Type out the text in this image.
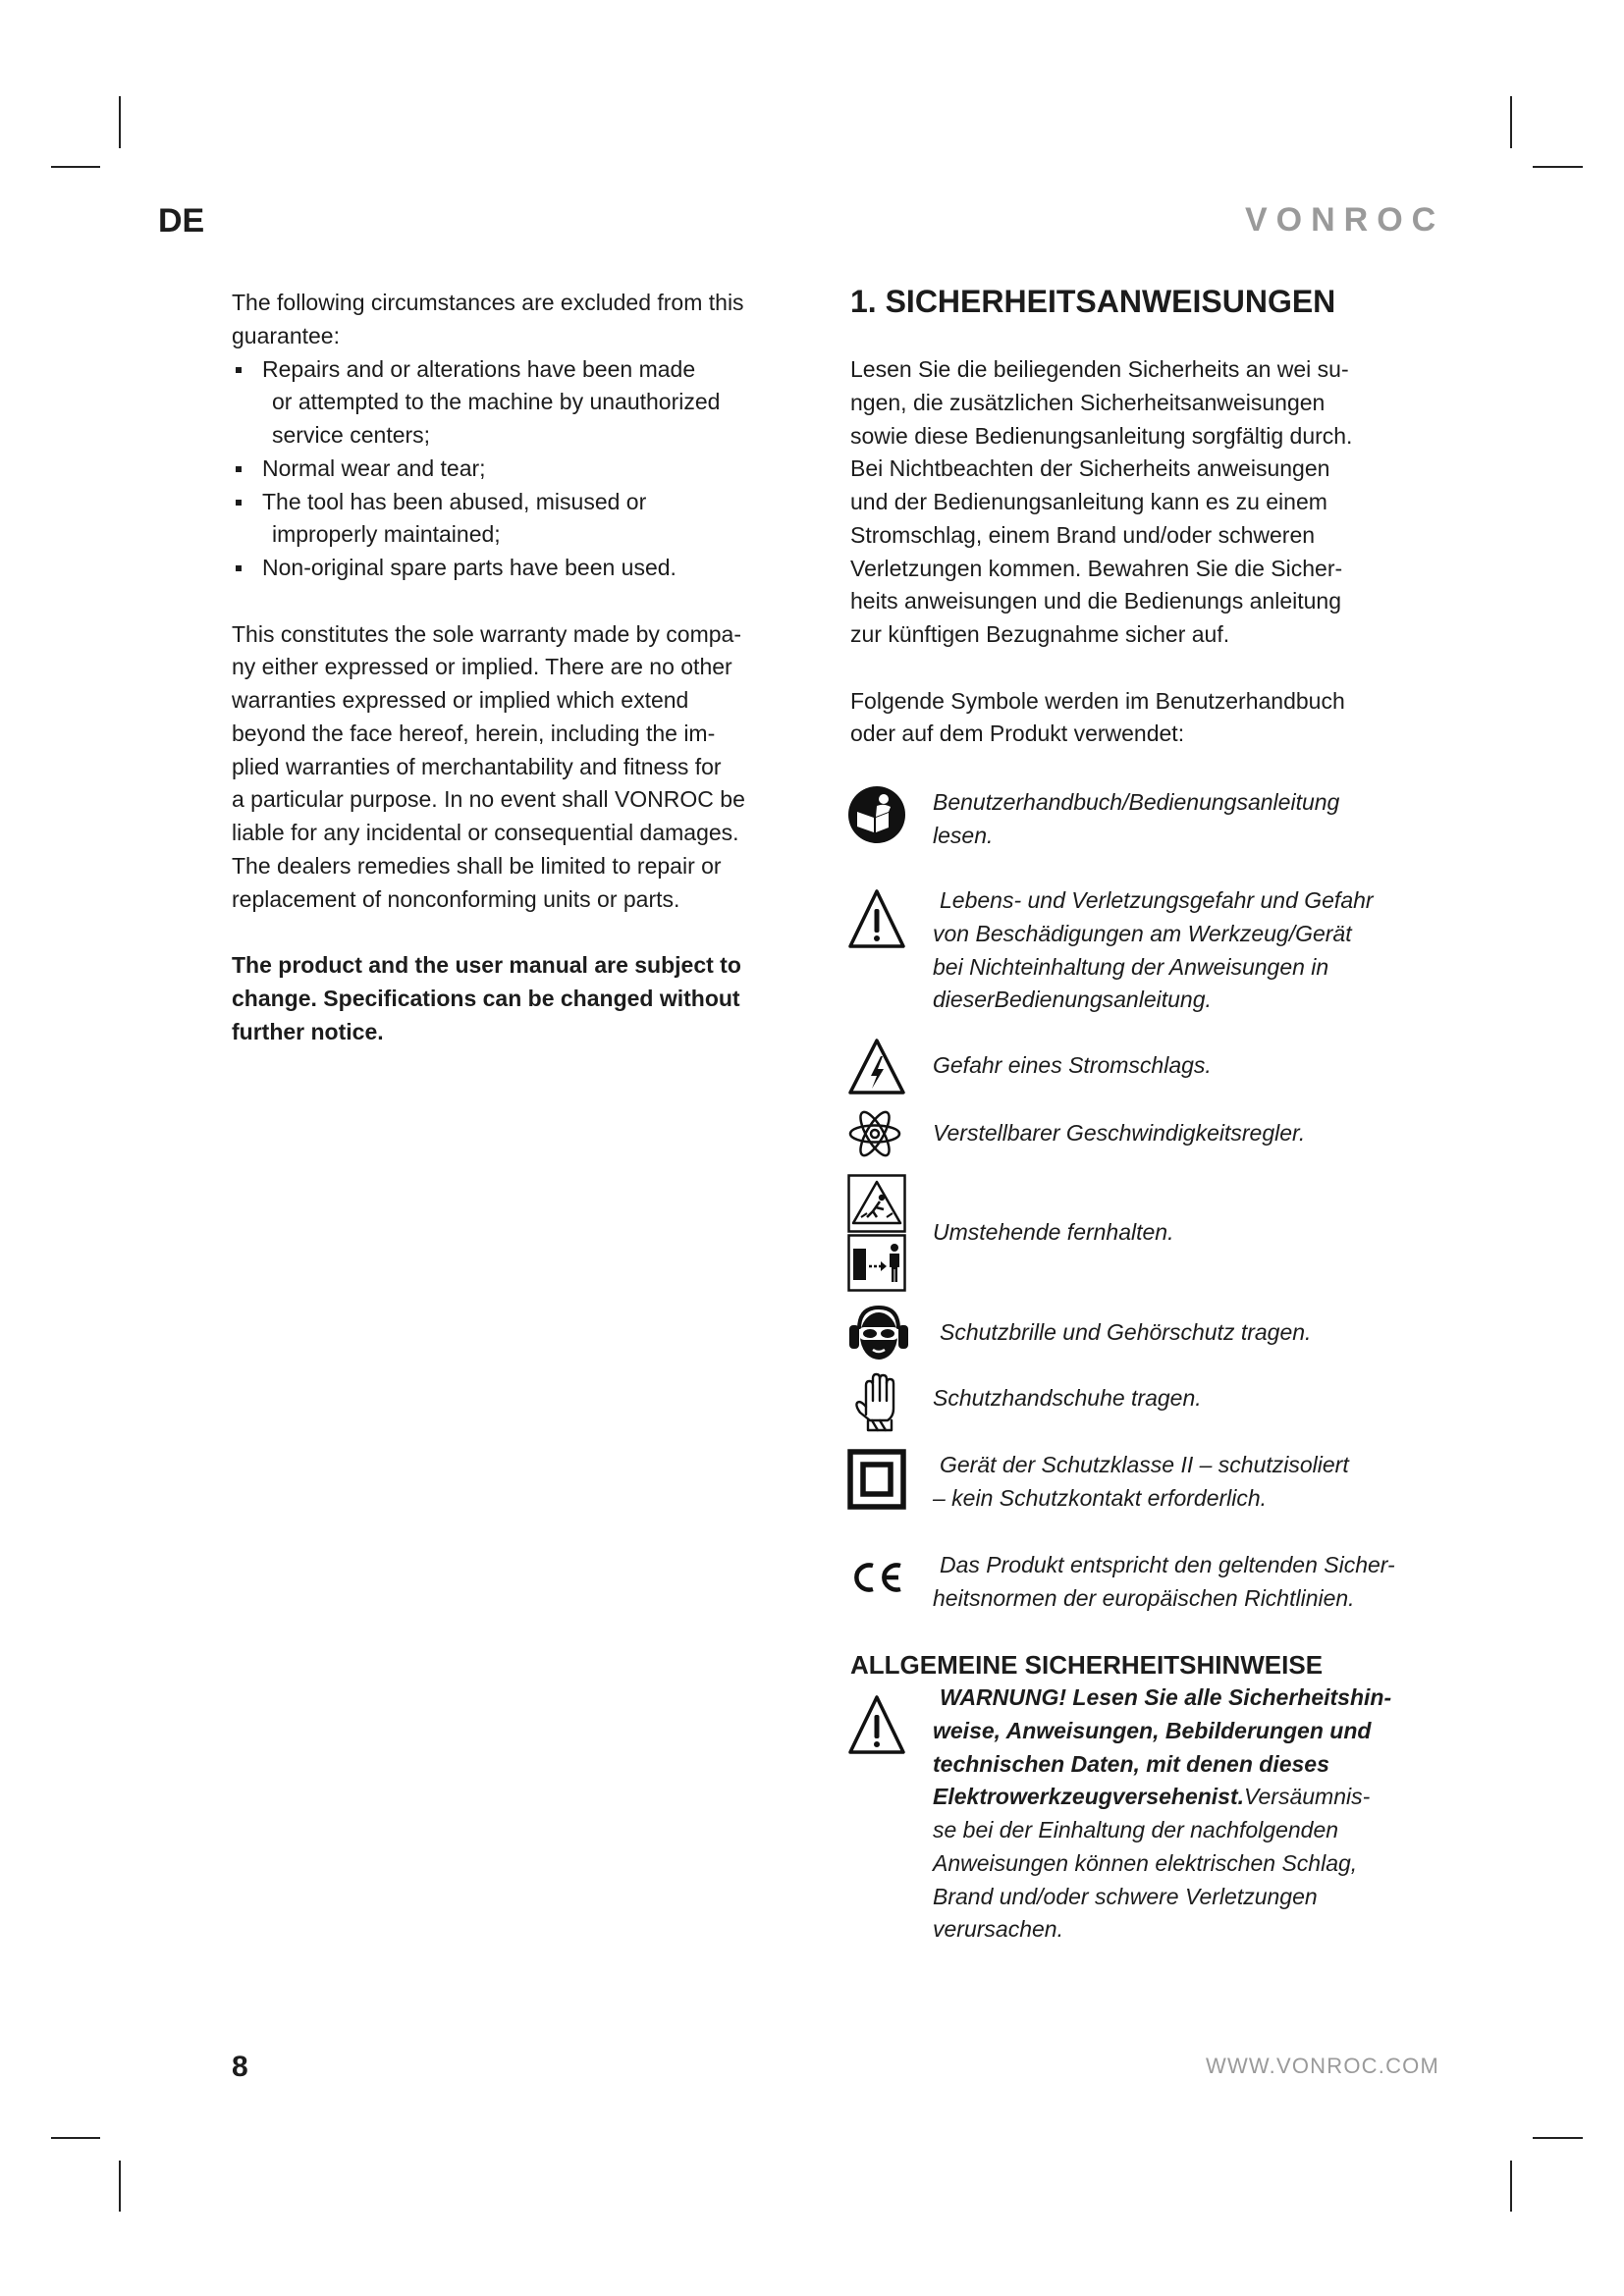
DE	VONROC
The following circumstances are excluded from this
guarantee:
Repairs and or alterations have been made
or attempted to the machine by unauthorized
service centers;
Normal wear and tear;
The tool has been abused, misused or
improperly maintained;
Non-original spare parts have been used.
This constitutes the sole warranty made by compa-
ny either expressed or implied. There are no other
warranties expressed or implied which extend
beyond the face hereof, herein, including the im-
plied warranties of merchantability and fitness for
a particular purpose. In no event shall VONROC be
liable for any incidental or consequential damages.
The dealers remedies shall be limited to repair or
replacement of nonconforming units or parts.
The product and the user manual are subject to
change. Specifications can be changed without
further notice.
1. SICHERHEITSANWEISUNGEN
Lesen Sie die beiliegenden Sicherheits an wei su-
ngen, die zusätzlichen Sicherheitsanweisungen
sowie diese Bedienungsanleitung sorgfältig durch.
Bei Nichtbeachten der Sicherheits anweisungen
und der Bedienungsanleitung kann es zu einem
Stromschlag, einem Brand und/oder schweren
Verletzungen kommen. Bewahren Sie die Sicher-
heits anweisungen und die Bedienungs anleitung
zur künftigen Bezugnahme sicher auf.
Folgende Symbole werden im Benutzerhandbuch
oder auf dem Produkt verwendet:
Benutzerhandbuch/Bedienungsanleitung
lesen.
Lebens- und Verletzungsgefahr und Gefahr
von Beschädigungen am Werkzeug/Gerät
bei Nichteinhaltung der Anweisungen in
dieserBedienungsanleitung.
Gefahr eines Stromschlags.
Verstellbarer Geschwindigkeitsregler.
Umstehende fernhalten.
Schutzbrille und Gehörschutz tragen.
Schutzhandschuhe tragen.
Gerät der Schutzklasse II – schutzisoliert
– kein Schutzkontakt erforderlich.
Das Produkt entspricht den geltenden Sicher-
heitsnormen der europäischen Richtlinien.
ALLGEMEINE SICHERHEITSHINWEISE
WARNUNG! Lesen Sie alle Sicherheitshin-
weise, Anweisungen, Bebilderungen und
technischen Daten, mit denen dieses
Elektrowerkzeugversehenist.Versäumnis-
se bei der Einhaltung der nachfolgenden
Anweisungen können elektrischen Schlag,
Brand und/oder schwere Verletzungen
verursachen.
8	WWW.VONROC.COM
